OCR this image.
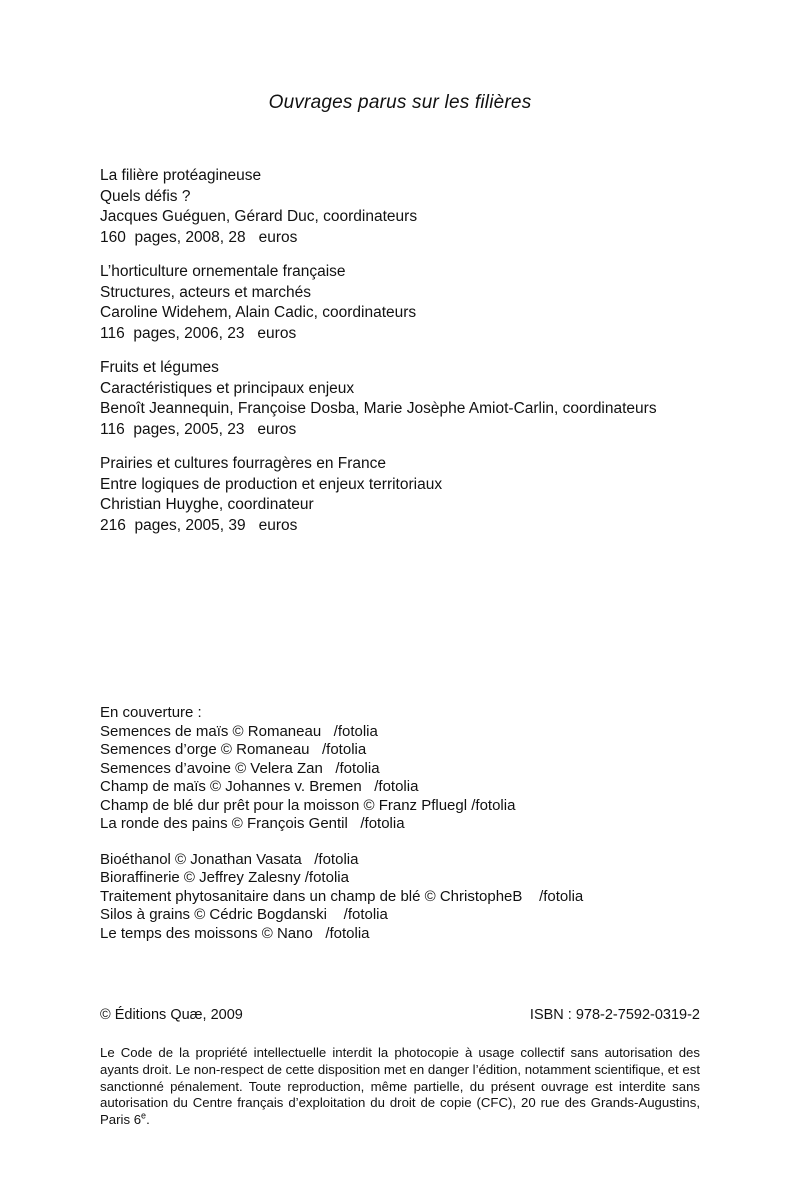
Ouvrages parus sur les filières

La filière protéagineuse

Quels défis ?

Jacques Guéguen, Gérard Duc, coordinateurs

160  pages, 2008, 28   euros

L’horticulture ornementale française

Structures, acteurs et marchés

Caroline Widehem, Alain Cadic, coordinateurs

116  pages, 2006, 23   euros

Fruits et légumes

Caractéristiques et principaux enjeux

Benoît Jeannequin, Françoise Dosba, Marie Josèphe Amiot-Carlin, coordinateurs

116  pages, 2005, 23   euros

Prairies et cultures fourragères en France

Entre logiques de production et enjeux territoriaux

Christian Huyghe, coordinateur

216  pages, 2005, 39   euros

En couverture :

Semences de maïs © Romaneau   /fotolia

Semences d’orge © Romaneau   /fotolia

Semences d’avoine © Velera Zan   /fotolia

Champ de maïs © Johannes v. Bremen   /fotolia

Champ de blé dur prêt pour la moisson © Franz Pfluegl /fotolia

La ronde des pains © François Gentil   /fotolia

Bioéthanol © Jonathan Vasata   /fotolia

Bioraffinerie © Jeffrey Zalesny /fotolia

Traitement phytosanitaire dans un champ de blé © ChristopheB    /fotolia

Silos à grains © Cédric Bogdanski    /fotolia

Le temps des moissons © Nano   /fotolia

© Éditions Quæ, 2009	ISBN : 978-2-7592-0319-2

Le Code de la propriété intellectuelle interdit la photocopie à usage collectif sans autorisation des ayants droit. Le non-respect de cette disposition met en danger l’édition, notamment scientifique, et est sanctionné pénalement. Toute reproduction, même partielle, du présent ouvrage est interdite sans autorisation du Centre français d’exploitation du droit de copie (CFC), 20 rue des Grands-Augustins, Paris 6e.
